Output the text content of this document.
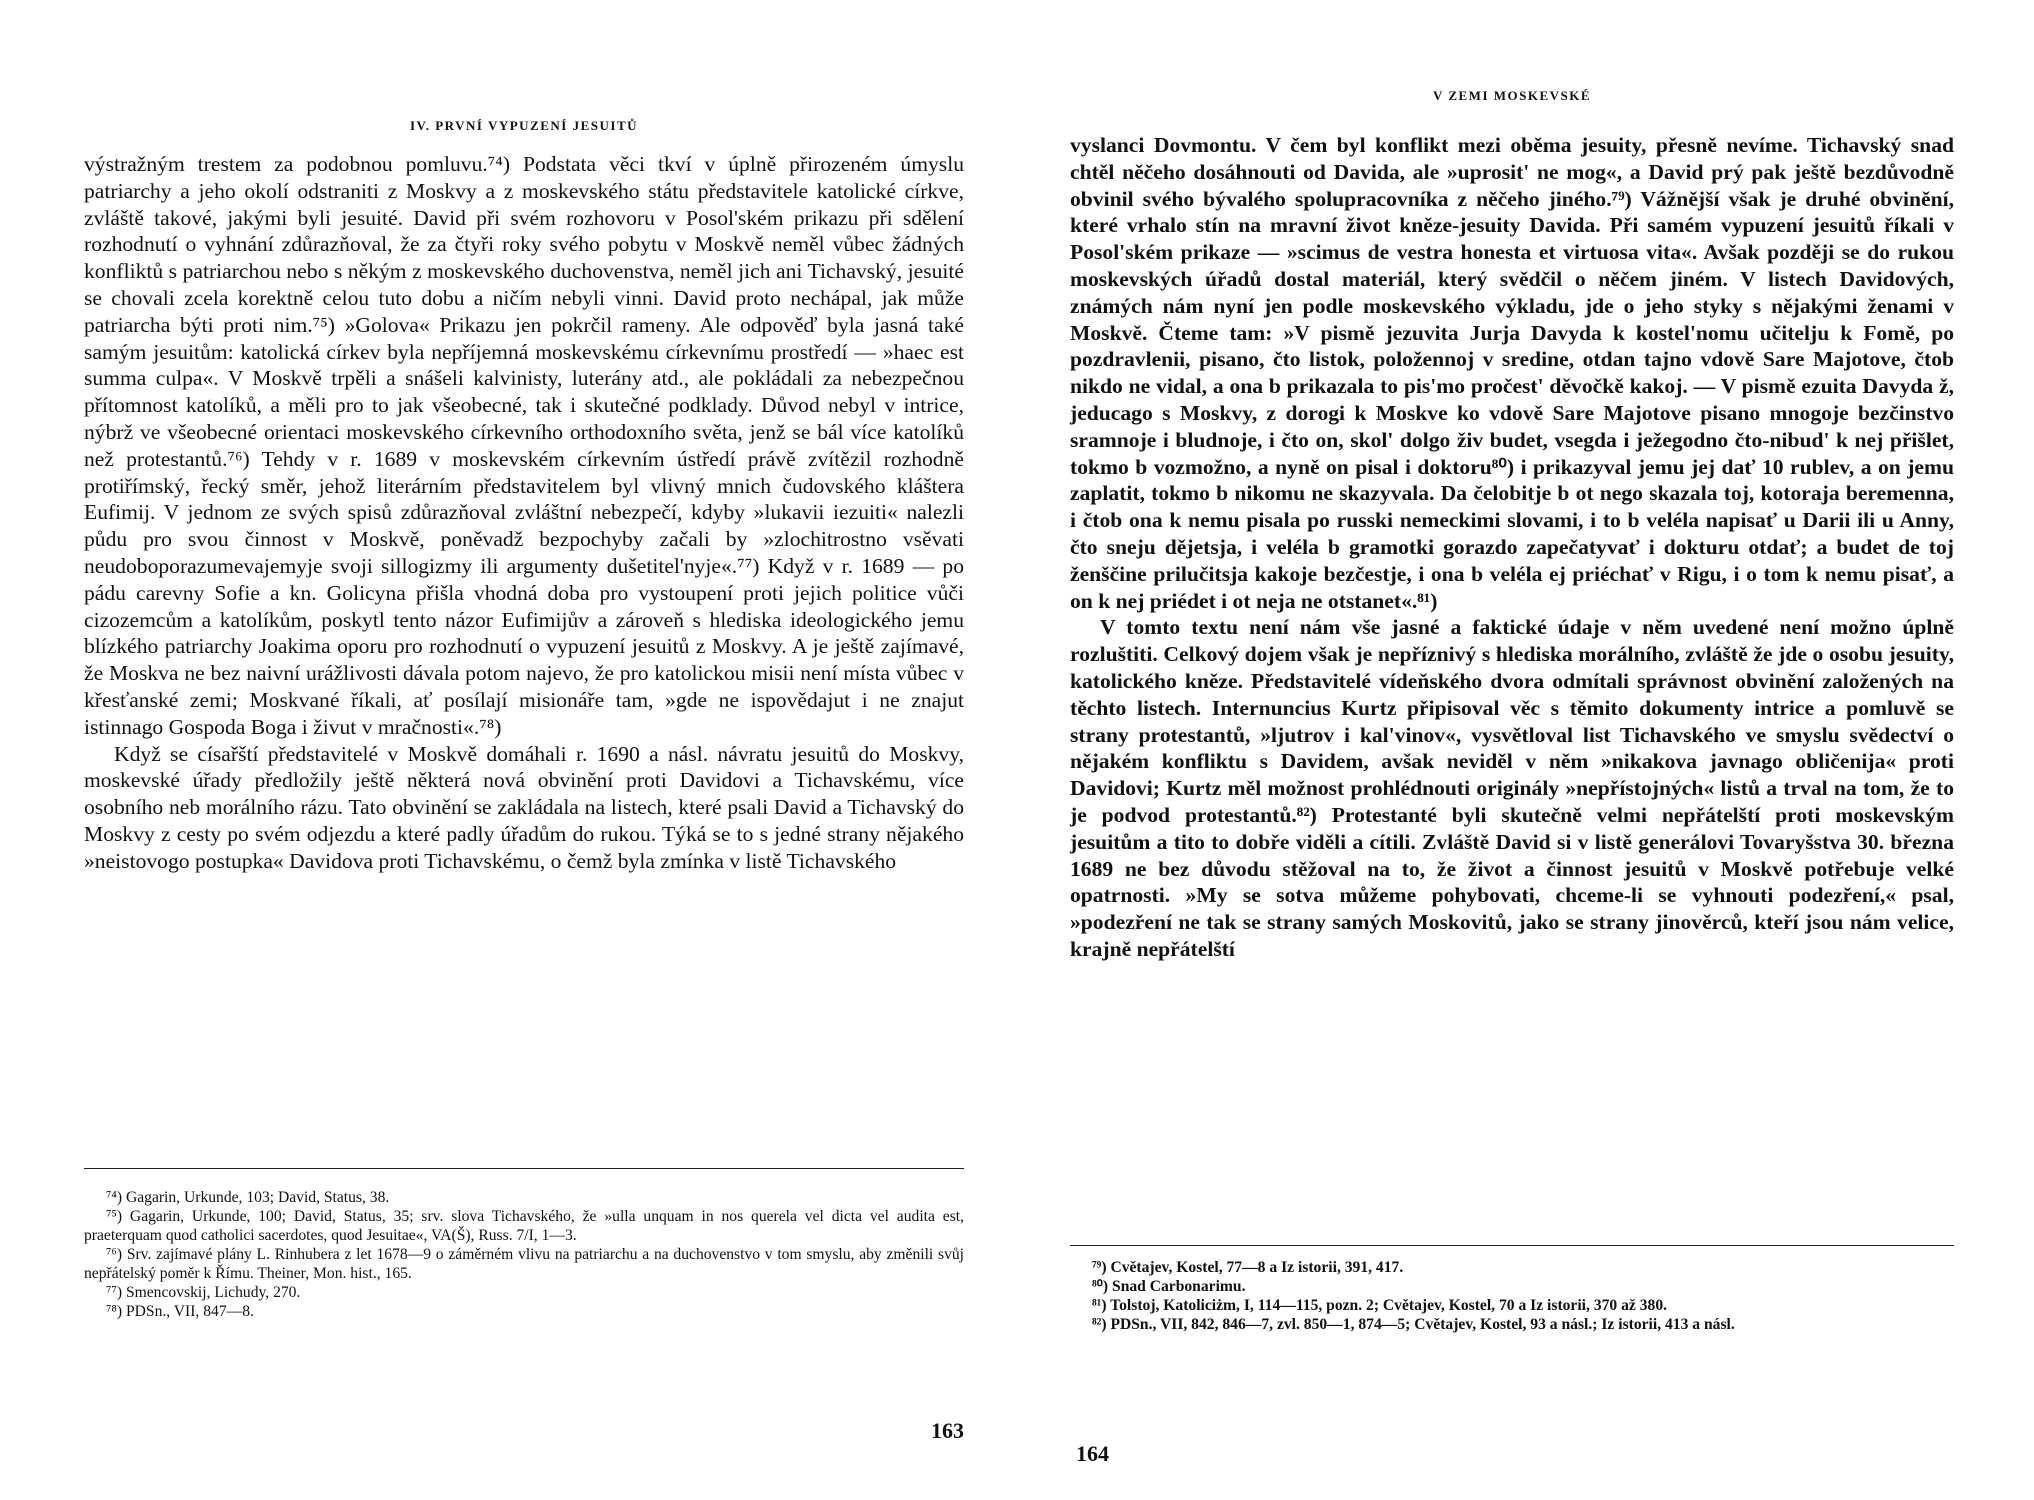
IV. PRVNÍ VYPUZENÍ JESUITŮ

výstražným trestem za podobnou pomluvu.⁷⁴) Podstata věci tkví v úplně přirozeném úmyslu patriarchy a jeho okolí odstraniti z Moskvy a z moskevského státu představitele katolické církve, zvláště takové, jakými byli jesuité. David při svém rozhovoru v Posol'ském prikazu při sdělení rozhodnutí o vyhnání zdůrazňoval, že za čtyři roky svého pobytu v Moskvě neměl vůbec žádných konfliktů s patriarchou nebo s někým z moskevského duchovenstva, neměl jich ani Tichavský, jesuité se chovali zcela korektně celou tuto dobu a ničím nebyli vinni. David proto nechápal, jak může patriarcha býti proti nim.⁷⁵) »Golova« Prikazu jen pokrčil rameny. Ale odpověď byla jasná také samým jesuitům: katolická církev byla nepříjemná moskevskému církevnímu prostředí — »haec est summa culpa«. V Moskvě trpěli a snášeli kalvinisty, luterány atd., ale pokládali za nebezpečnou přítomnost katolíků, a měli pro to jak všeobecné, tak i skutečné podklady. Důvod nebyl v intrice, nýbrž ve všeobecné orientaci moskevského církevního orthodoxního světa, jenž se bál více katolíků než protestantů.⁷⁶) Tehdy v r. 1689 v moskevském církevním ústředí právě zvítězil rozhodně protiřímský, řecký směr, jehož literárním představitelem byl vlivný mnich čudovského kláštera Eufimij. V jednom ze svých spisů zdůrazňoval zvláštní nebezpečí, kdyby »lukavii iezuiti« nalezli půdu pro svou činnost v Moskvě, poněvadž bezpochyby začali by »zlochitrostno vsěvati neudoboporazumevajemyje svoji sillogizmy ili argumenty dušetitel'nyje«.⁷⁷) Když v r. 1689 — po pádu carevny Sofie a kn. Golicyna přišla vhodná doba pro vystoupení proti jejich politice vůči cizozemcům a katolíkům, poskytl tento názor Eufimijův a zároveň s hlediska ideologického jemu blízkého patriarchy Joakima oporu pro rozhodnutí o vypuzení jesuitů z Moskvy. A je ještě zajímavé, že Moskva ne bez naivní urážlivosti dávala potom najevo, že pro katolickou misii není místa vůbec v křesťanské zemi; Moskvané říkali, ať posílají misionáře tam, »gde ne ispovědajut i ne znajut istinnago Gospoda Boga i živut v mračnosti«.⁷⁸)

Když se císařští představitelé v Moskvě domáhali r. 1690 a násl. návratu jesuitů do Moskvy, moskevské úřady předložily ještě některá nová obvinění proti Davidovi a Tichavskému, více osobního neb morálního rázu. Tato obvinění se zakládala na listech, které psali David a Tichavský do Moskvy z cesty po svém odjezdu a které padly úřadům do rukou. Týká se to s jedné strany nějakého »neistovogo postupka« Davidova proti Tichavskému, o čemž byla zmínka v listě Tichavského

⁷⁴) Gagarin, Urkunde, 103; David, Status, 38.

⁷⁵) Gagarin, Urkunde, 100; David, Status, 35; srv. slova Tichavského, že »ulla unquam in nos querela vel dicta vel audita est, praeterquam quod catholici sacerdotes, quod Jesuitae«, VA(Š), Russ. 7/I, 1—3.

⁷⁶) Srv. zajímavé plány L. Rinhubera z let 1678—9 o záměrném vlivu na patriarchu a na duchovenstvo v tom smyslu, aby změnili svůj nepřátelský poměr k Římu. Theiner, Mon. hist., 165.

⁷⁷) Smencovskij, Lichudy, 270.

⁷⁸) PDSn., VII, 847—8.

163
V ZEMI MOSKEVSKÉ

vyslanci Dovmontu. V čem byl konflikt mezi oběma jesuity, přesně nevíme. Tichavský snad chtěl něčeho dosáhnouti od Davida, ale »uprosit' ne mog«, a David prý pak ještě bezdůvodně obvinil svého bývalého spolupracovníka z něčeho jiného.⁷⁹) Vážnější však je druhé obvinění, které vrhalo stín na mravní život kněze-jesuity Davida. Při samém vypuzení jesuitů říkali v Posol'ském prikaze — »scimus de vestra honesta et virtuosa vita«. Avšak později se do rukou moskevských úřadů dostal materiál, který svědčil o něčem jiném. V listech Davidových, známých nám nyní jen podle moskevského výkladu, jde o jeho styky s nějakými ženami v Moskvě. Čteme tam: »V pismě jezuvita Jurja Davyda k kostel'nomu učitelju k Fomě, po pozdravlenii, pisano, čto listok, položennoj v sredine, otdan tajno vdově Sare Majotove, čtob nikdo ne vidal, a ona b prikazala to pis'mo pročest' děvočkě kakoj. — V pismě ezuita Davyda ž, jeducago s Moskvy, z dorogi k Moskve ko vdově Sare Majotove pisano mnogoje bezčinstvo sramnoje i bludnoje, i čto on, skol' dolgo živ budet, vsegda i ježegodno čto-nibud' k nej přišlet, tokmo b vozmožno, a nyně on pisal i doktoru⁸⁰) i prikazyval jemu jej dať 10 rublev, a on jemu zaplatit, tokmo b nikomu ne skazyvala. Da čelobitje b ot nego skazala toj, kotoraja beremenna, i čtob ona k nemu pisala po russki nemeckimi slovami, i to b veléla napisať u Darii ili u Anny, čto sneju dějetsja, i veléla b gramotki gorazdo zapečatyvať i dokturu otdať; a budet de toj ženščine prilučitsja kakoje bezčestje, i ona b veléla ej priéchať v Rigu, i o tom k nemu pisať, a on k nej priédet i ot neja ne otstanet«.⁸¹)

V tomto textu není nám vše jasné a faktické údaje v něm uvedené není možno úplně rozluštiti. Celkový dojem však je nepříznivý s hlediska morálního, zvláště že jde o osobu jesuity, katolického kněze. Představitelé vídeňského dvora odmítali správnost obvinění založených na těchto listech. Internuncius Kurtz připisoval věc s těmito dokumenty intrice a pomluvě se strany protestantů, »ljutrov i kal'vinov«, vysvětloval list Tichavského ve smyslu svědectví o nějakém konfliktu s Davidem, avšak neviděl v něm »nikakova javnago obličenija« proti Davidovi; Kurtz měl možnost prohlédnouti originály »nepřístojných« listů a trval na tom, že to je podvod protestantů.⁸²) Protestanté byli skutečně velmi nepřátelští proti moskevským jesuitům a tito to dobře viděli a cítili. Zvláště David si v listě generálovi Tovaryšstva 30. března 1689 ne bez důvodu stěžoval na to, že život a činnost jesuitů v Moskvě potřebuje velké opatrnosti. »My se sotva můžeme pohybovati, chceme-li se vyhnouti podezření,« psal, »podezření ne tak se strany samých Moskovitů, jako se strany jinověrců, kteří jsou nám velice, krajně nepřátelští

⁷⁹) Cvětajev, Kostel, 77—8 a Iz istorii, 391, 417.

⁸⁰) Snad Carbonarimu.

⁸¹) Tolstoj, Katoliciżm, I, 114—115, pozn. 2; Cvětajev, Kostel, 70 a Iz istorii, 370 až 380.

⁸²) PDSn., VII, 842, 846—7, zvl. 850—1, 874—5; Cvětajev, Kostel, 93 a násl.; Iz istorii, 413 a násl.

164
